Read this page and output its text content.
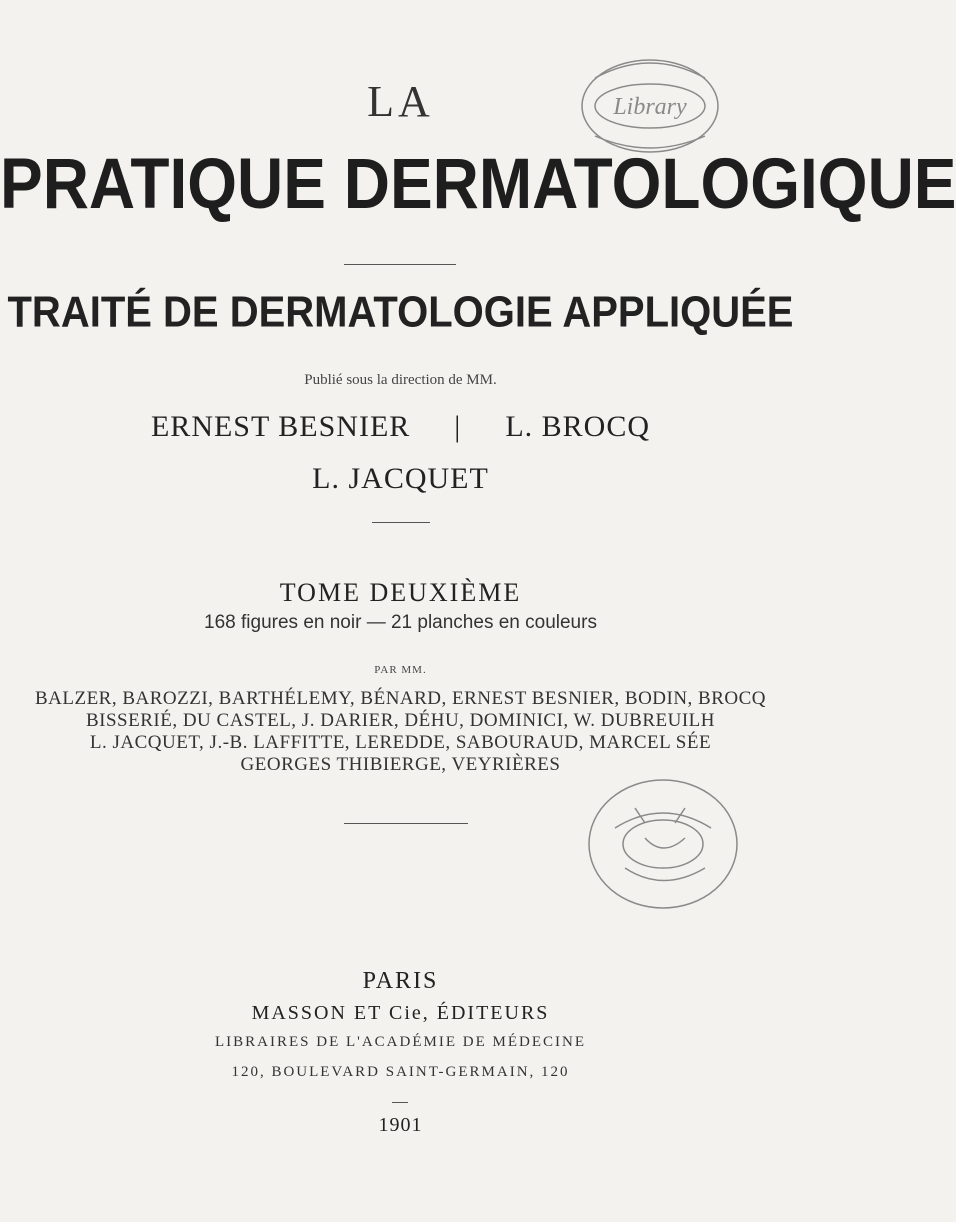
Library
LA
PRATIQUE DERMATOLOGIQUE
TRAITÉ DE DERMATOLOGIE APPLIQUÉE
Publié sous la direction de MM.
ERNEST BESNIER | L. BROCQ
L. JACQUET
TOME DEUXIÈME
168 figures en noir — 21 planches en couleurs
PAR MM.
BALZER, BAROZZI, BARTHÉLEMY, BÉNARD, ERNEST BESNIER, BODIN, BROCQ
BISSERIÉ, DU CASTEL, J. DARIER, DÉHU, DOMINICI, W. DUBREUILH
L. JACQUET, J.-B. LAFFITTE, LEREDDE, SABOURAUD, MARCEL SÉE
GEORGES THIBIERGE, VEYRIÈRES
PARIS
MASSON ET Cie, ÉDITEURS
LIBRAIRES DE L'ACADÉMIE DE MÉDECINE
120, BOULEVARD SAINT-GERMAIN, 120
1901
